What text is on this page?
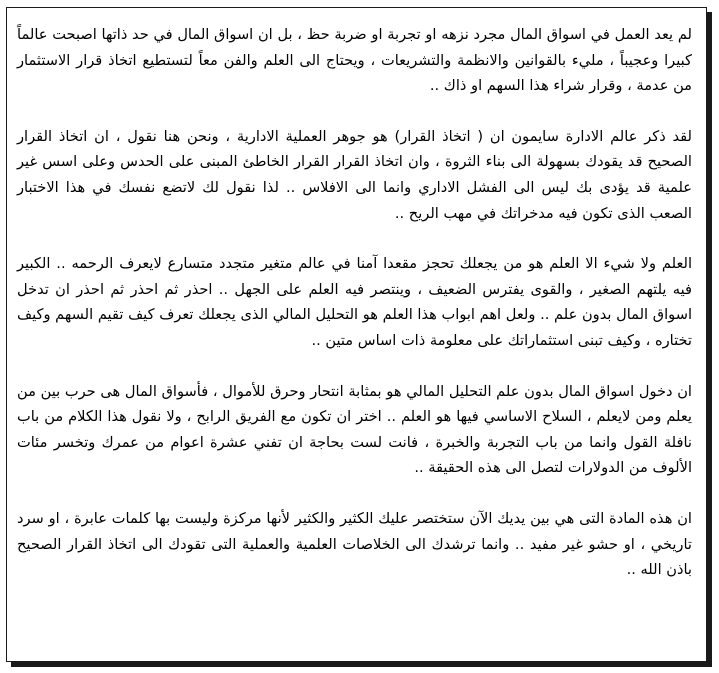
لم يعد العمل في اسواق المال مجرد نزهه او تجربة او ضربة حظ ، بل ان اسواق المال في حد ذاتها اصبحت عالماً كبيرا وعجيباً ، مليء بالقوانين والانظمة والتشريعات ، ويحتاج الى العلم والفن معاً لتستطيع اتخاذ قرار الاستثمار من عدمة ، وقرار شراء هذا السهم او ذاك ..

لقد ذكر عالم الادارة سايمون ان ( اتخاذ القرار) هو جوهر العملية الادارية ، ونحن هنا نقول ، ان اتخاذ القرار الصحيح قد يقودك بسهولة الى بناء الثروة ، وان اتخاذ القرار القرار الخاطئ المبنى على الحدس وعلى اسس غير علمية قد يؤدى بك ليس الى الفشل الاداري وانما الى الافلاس .. لذا نقول لك لاتضع نفسك في هذا الاختبار الصعب الذى تكون فيه مدخراتك في مهب الريح ..

العلم ولا شيء الا العلم هو من يجعلك تحجز مقعدا آمنا في عالم متغير متجدد متسارع لايعرف الرحمه .. الكبير فيه يلتهم الصغير ، والقوى يفترس الضعيف ، وينتصر فيه العلم على الجهل .. احذر ثم احذر ثم احذر ان تدخل اسواق المال بدون علم .. ولعل اهم ابواب هذا العلم هو التحليل المالي الذى يجعلك تعرف كيف تقيم السهم وكيف تختاره ، وكيف تبنى استثماراتك على معلومة ذات اساس متين ..

ان دخول اسواق المال بدون علم التحليل المالي هو بمثابة انتحار وحرق للأموال ، فأسواق المال هى حرب بين من يعلم ومن لايعلم ، السلاح الاساسي فيها هو العلم .. اختر ان تكون مع الفريق الرابح ، ولا نقول هذا الكلام من باب نافلة القول وانما من باب التجربة والخبرة ، فانت لست بحاجة ان تفني عشرة اعوام من عمرك وتخسر مئات الألوف من الدولارات لتصل الى هذه الحقيقة ..

ان هذه المادة التى هي بين يديك الآن ستختصر عليك الكثير والكثير لأنها مركزة وليست بها كلمات عابرة ، او سرد تاريخي ، او حشو غير مفيد .. وانما ترشدك الى الخلاصات العلمية والعملية التى تقودك الى اتخاذ القرار الصحيح باذن الله ..
